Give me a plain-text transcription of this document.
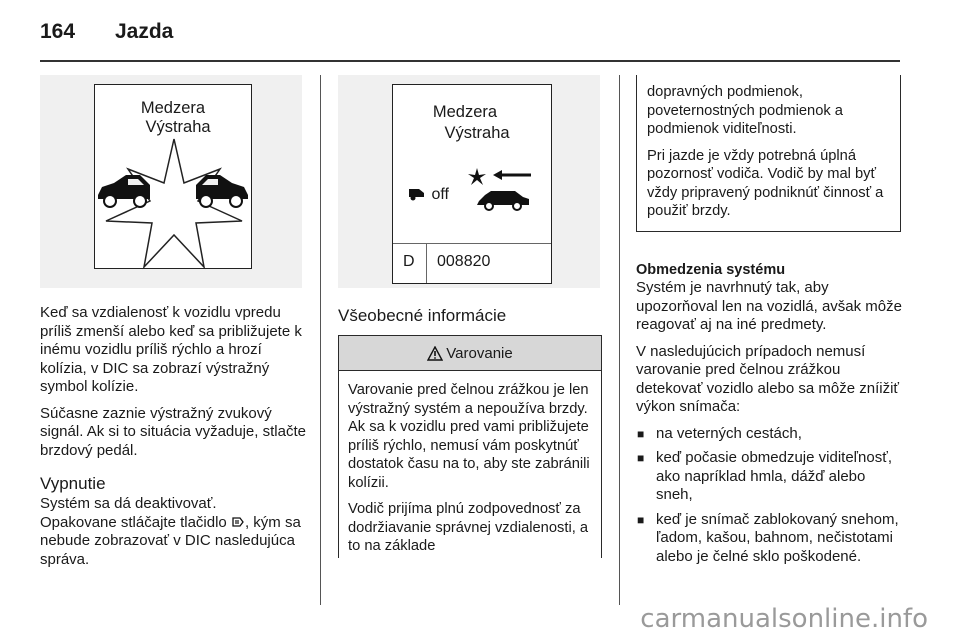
164 Jazda
Medzera
Výstraha

Keď sa vzdialenosť k vozidlu vpredu príliš zmenší alebo keď sa približujete k inému vozidlu príliš rýchlo a hrozí kolízia, v DIC sa zobrazí výstražný symbol kolízie.

Súčasne zaznie výstražný zvukový signál. Ak si to situácia vyžaduje, stlačte brzdový pedál.

Vypnutie
Systém sa dá deaktivovať.
Opakovane stláčajte tlačidlo , kým sa nebude zobrazovať v DIC nasledujúca správa.
Medzera
Výstraha
off
D 008820
Všeobecné informácie
Varovanie

Varovanie pred čelnou zrážkou je len výstražný systém a nepoužíva brzdy. Ak sa k vozidlu pred vami približujete príliš rýchlo, nemusí vám poskytnúť dostatok času na to, aby ste zabránili kolízii.

Vodič prijíma plnú zodpovednosť za dodržiavanie správnej vzdialenosti, a to na základe

dopravných podmienok, poveternostných podmienok a podmienok viditeľnosti.

Pri jazde je vždy potrebná úplná pozornosť vodiča. Vodič by mal byť vždy pripravený podniknúť činnosť a použiť brzdy.

Obmedzenia systému

Systém je navrhnutý tak, aby upozorňoval len na vozidlá, avšak môže reagovať aj na iné predmety.

V nasledujúcich prípadoch nemusí varovanie pred čelnou zrážkou detekovať vozidlo alebo sa môže zníižiť výkon snímača:

■ na veterných cestách,
■ keď počasie obmedzuje viditeľnosť, ako napríklad hmla, dážď alebo sneh,
■ keď je snímač zablokovaný snehom, ľadom, kašou, bahnom, nečistotami alebo je čelné sklo poškodené.
carmanualsonline.info
